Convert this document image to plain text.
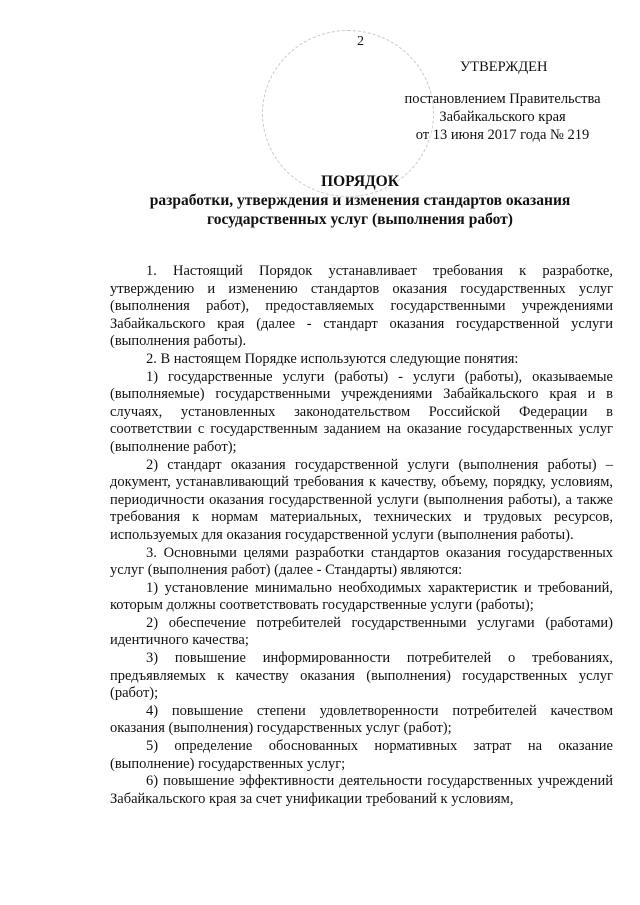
2
УТВЕРЖДЕН
постановлением Правительства
Забайкальского края
от 13 июня 2017 года № 219
ПОРЯДОК
разработки, утверждения и изменения стандартов оказания
государственных услуг (выполнения работ)

1. Настоящий Порядок устанавливает требования к разработке, утверждению и изменению стандартов оказания государственных услуг (выполнения работ), предоставляемых государственными учреждениями Забайкальского края (далее - стандарт оказания государственной услуги (выполнения работы).

2. В настоящем Порядке используются следующие понятия:

1) государственные услуги (работы) - услуги (работы), оказываемые (выполняемые) государственными учреждениями Забайкальского края и в случаях, установленных законодательством Российской Федерации в соответствии с государственным заданием на оказание государственных услуг (выполнение работ);

2) стандарт оказания государственной услуги (выполнения работы) – документ, устанавливающий требования к качеству, объему, порядку, условиям, периодичности оказания государственной услуги (выполнения работы), а также требования к нормам материальных, технических и трудовых ресурсов, используемых для оказания государственной услуги (выполнения работы).

3. Основными целями разработки стандартов оказания государственных услуг (выполнения работ) (далее - Стандарты) являются:

1) установление минимально необходимых характеристик и требований, которым должны соответствовать государственные услуги (работы);

2) обеспечение потребителей государственными услугами (работами) идентичного качества;

3) повышение информированности потребителей о требованиях, предъявляемых к качеству оказания (выполнения) государственных услуг (работ);

4) повышение степени удовлетворенности потребителей качеством оказания (выполнения) государственных услуг (работ);

5) определение обоснованных нормативных затрат на оказание (выполнение) государственных услуг;

6) повышение эффективности деятельности государственных учреждений Забайкальского края за счет унификации требований к условиям,
